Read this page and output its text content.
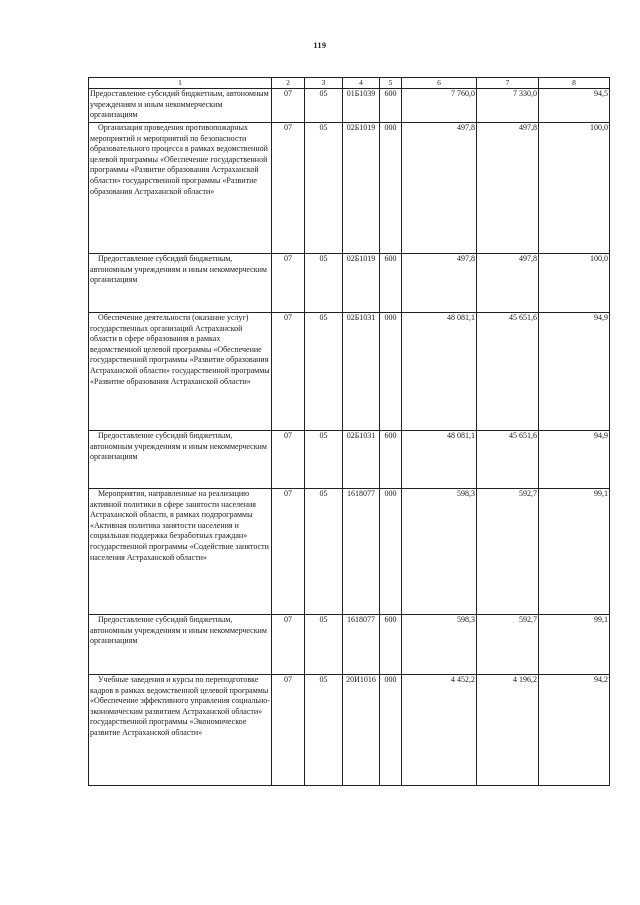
119
1	2	3	4	5	6	7	8
Предоставление субсидий бюджетным, автономным учреждениям и иным некоммерческим организациям	07	05	01Б1039	600	7 760,0	7 330,0	94,5
Организация проведения противопожарных мероприятий и мероприятий по безопасности образовательного процесса в рамках ведомственной целевой программы «Обеспечение государственной программы «Развитие образования Астраханской области» государственной программы «Развитие образования Астраханской области»	07	05	02Б1019	000	497,8	497,8	100,0
Предоставление субсидий бюджетным, автономным учреждениям и иным некоммерческим организациям	07	05	02Б1019	600	497,8	497,8	100,0
Обеспечение деятельности (оказание услуг) государственных организаций Астраханской области в сфере образования в рамках ведомственной целевой программы «Обеспечение государственной программы «Развитие образования Астраханской области» государственной программы «Развитие образования Астраханской области»	07	05	02Б1031	000	48 081,1	45 651,6	94,9
Предоставление субсидий бюджетным, автономным учреждениям и иным некоммерческим организациям	07	05	02Б1031	600	48 081,1	45 651,6	94,9
Мероприятия, направленные на реализацию активной политики в сфере занятости населения Астраханской области, в рамках подпрограммы «Активная политика занятости населения и социальная поддержка безработных граждан» государственной программы «Содействие занятости населения Астраханской области»	07	05	1618077	000	598,3	592,7	99,1
Предоставление субсидий бюджетным, автономным учреждениям и иным некоммерческим организациям	07	05	1618077	600	598,3	592,7	99,1
Учебные заведения и курсы по переподготовке кадров в рамках ведомственной целевой программы «Обеспечение эффективного управления социально-экономическим развитием Астраханской области» государственной программы «Экономическое развитие Астраханской области»	07	05	20И1016	000	4 452,2	4 196,2	94,2
